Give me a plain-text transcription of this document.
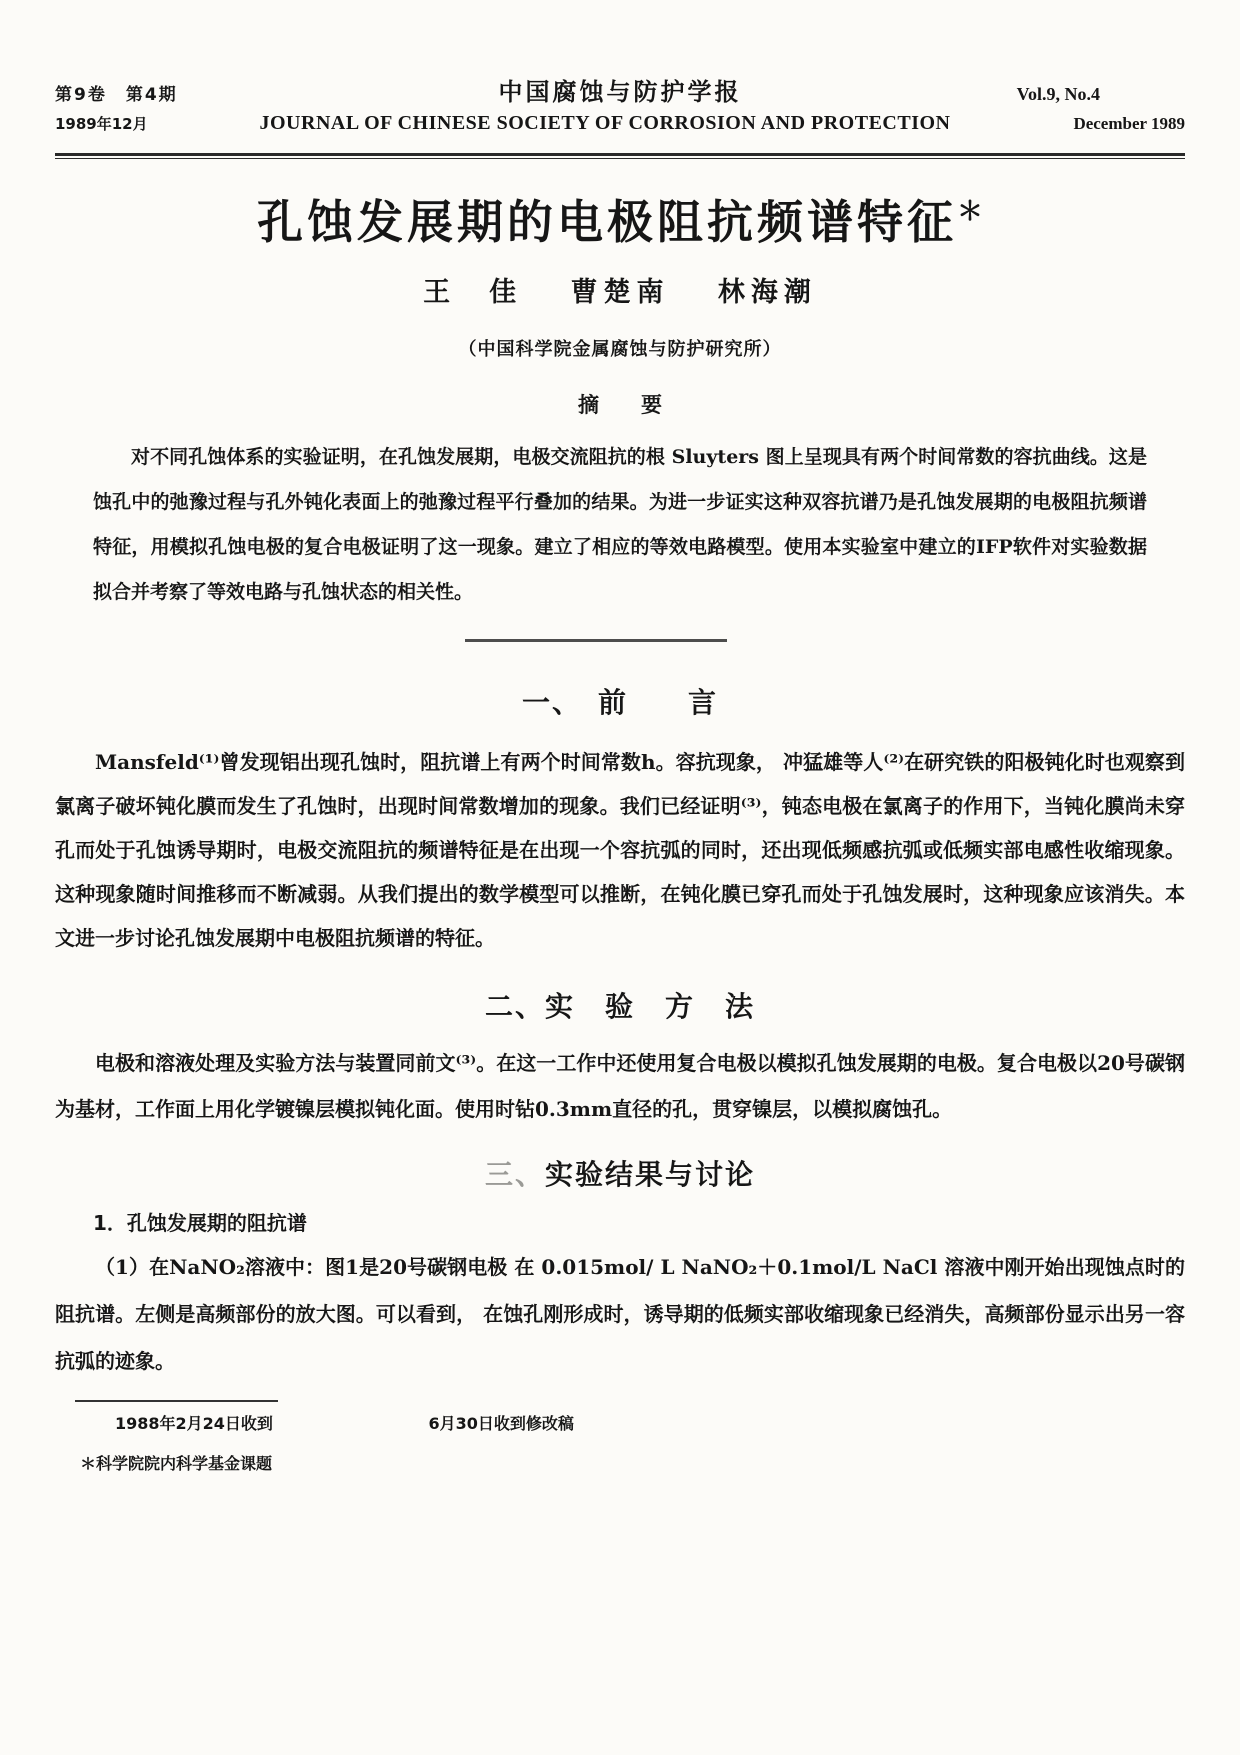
第9卷　第4期	中国腐蚀与防护学报	Vol.9, No.4
1989年12月	JOURNAL OF CHINESE SOCIETY OF CORROSION AND PROTECTION	December 1989
孔蚀发展期的电极阻抗频谱特征＊
王　佳　 曹楚南　 林海潮
（中国科学院金属腐蚀与防护研究所）
摘　　要

对不同孔蚀体系的实验证明，在孔蚀发展期，电极交流阻抗的根 Sluyters 图上呈现具有两个时间常数的容抗曲线。这是蚀孔中的弛豫过程与孔外钝化表面上的弛豫过程平行叠加的结果。为进一步证实这种双容抗谱乃是孔蚀发展期的电极阻抗频谱特征，用模拟孔蚀电极的复合电极证明了这一现象。建立了相应的等效电路模型。使用本实验室中建立的IFP软件对实验数据拟合并考察了等效电路与孔蚀状态的相关性。

一、　前　　言

Mansfeld⁽¹⁾曾发现铝出现孔蚀时，阻抗谱上有两个时间常数h。容抗现象， 冲猛雄等人⁽²⁾在研究铁的阳极钝化时也观察到氯离子破坏钝化膜而发生了孔蚀时，出现时间常数增加的现象。我们已经证明⁽³⁾，钝态电极在氯离子的作用下，当钝化膜尚未穿孔而处于孔蚀诱导期时，电极交流阻抗的频谱特征是在出现一个容抗弧的同时，还出现低频感抗弧或低频实部电感性收缩现象。这种现象随时间推移而不断减弱。从我们提出的数学模型可以推断，在钝化膜已穿孔而处于孔蚀发展时，这种现象应该消失。本文进一步讨论孔蚀发展期中电极阻抗频谱的特征。

二、实　验　方　法

电极和溶液处理及实验方法与装置同前文⁽³⁾。在这一工作中还使用复合电极以模拟孔蚀发展期的电极。复合电极以20号碳钢为基材，工作面上用化学镀镍层模拟钝化面。使用时钻0.3mm直径的孔，贯穿镍层，以模拟腐蚀孔。

三、实验结果与讨论
1．孔蚀发展期的阻抗谱

（1）在NaNO₂溶液中：图1是20号碳钢电极 在 0.015mol/ L NaNO₂＋0.1mol/L NaCl 溶液中刚开始出现蚀点时的阻抗谱。左侧是高频部份的放大图。可以看到， 在蚀孔刚形成时，诱导期的低频实部收缩现象已经消失，高频部份显示出另一容抗弧的迹象。

1988年2月24日收到	6月30日收到修改稿
＊科学院院内科学基金课题
